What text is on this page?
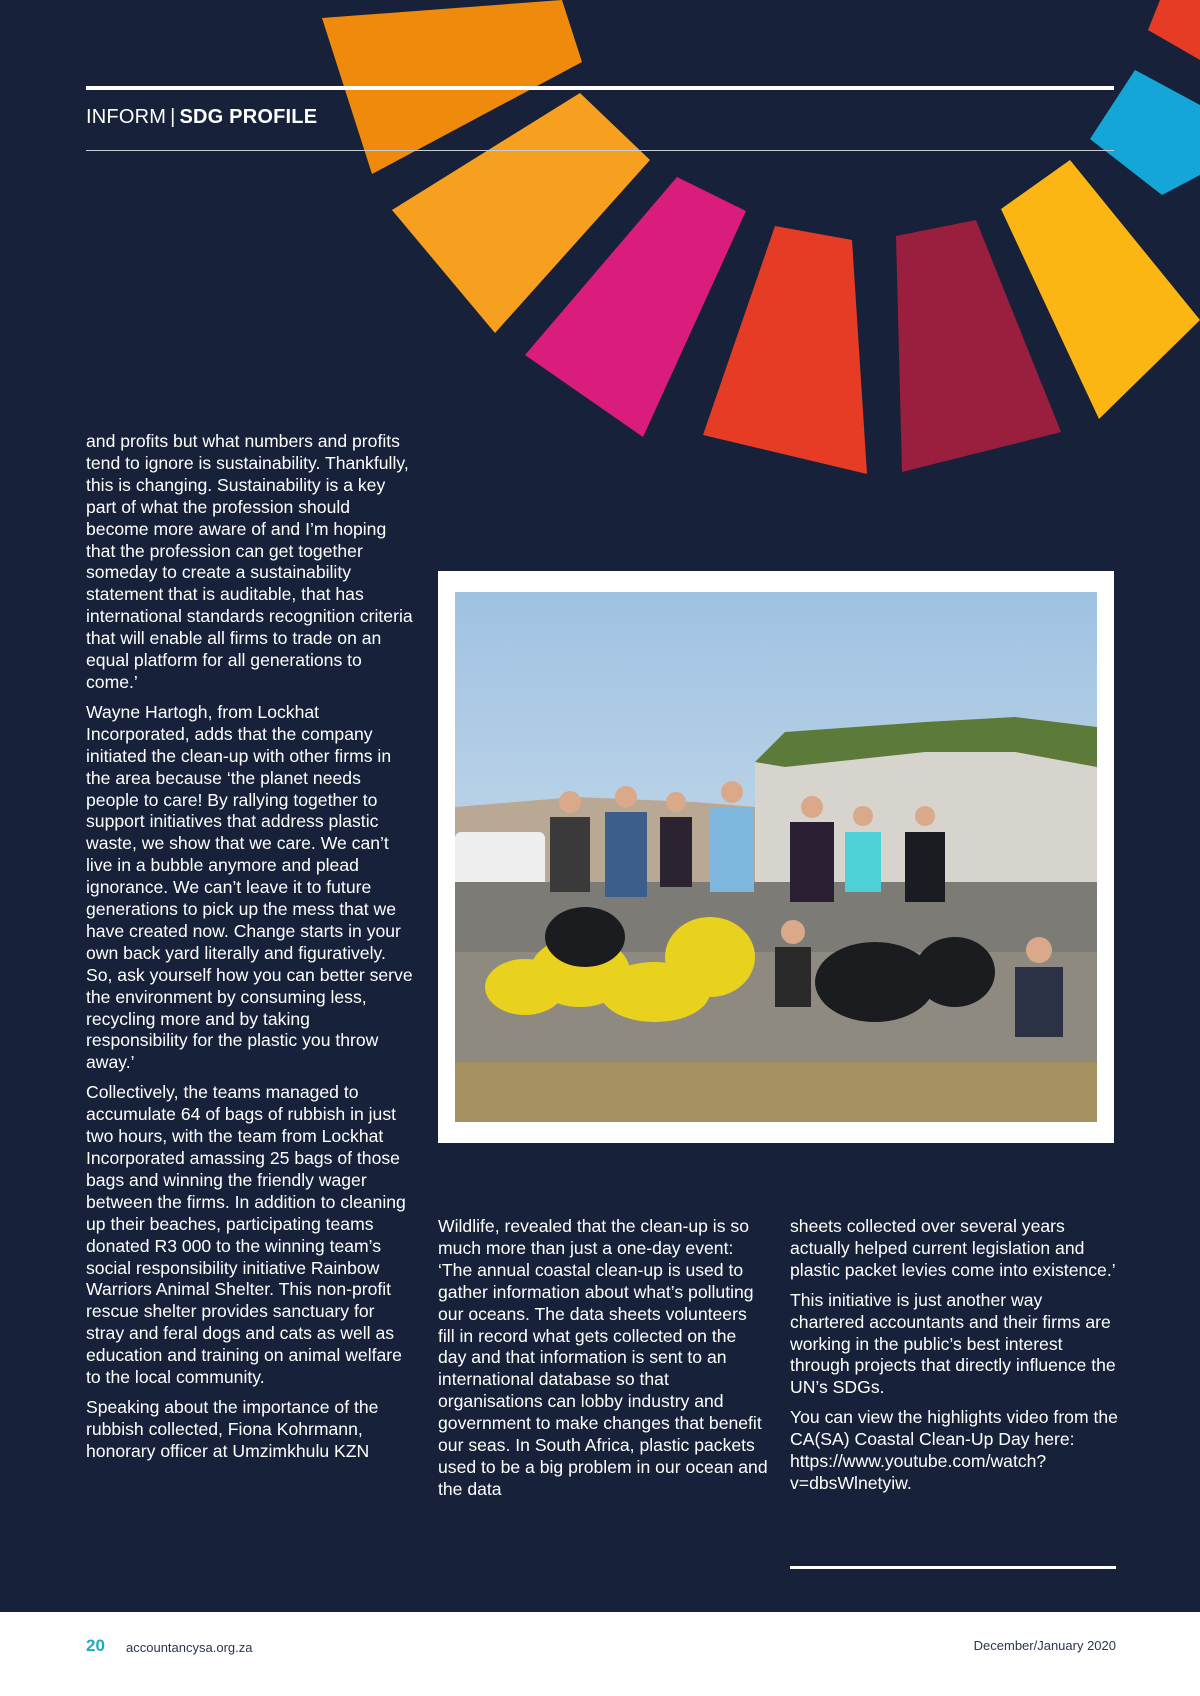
INFORM | SDG PROFILE

and profits but what numbers and profits tend to ignore is sustainability. Thankfully, this is changing. Sustainability is a key part of what the profession should become more aware of and I’m hoping that the profession can get together someday to create a sustainability statement that is auditable, that has international standards recognition criteria that will enable all firms to trade on an equal platform for all generations to come.’

Wayne Hartogh, from Lockhat Incorporated, adds that the company initiated the clean-up with other firms in the area because ‘the planet needs people to care! By rallying together to support initiatives that address plastic waste, we show that we care. We can’t live in a bubble anymore and plead ignorance. We can’t leave it to future generations to pick up the mess that we have created now. Change starts in your own back yard literally and figuratively. So, ask yourself how you can better serve the environment by consuming less, recycling more and by taking responsibility for the plastic you throw away.’

Collectively, the teams managed to accumulate 64 of bags of rubbish in just two hours, with the team from Lockhat Incorporated amassing 25 bags of those bags and winning the friendly wager between the firms. In addition to cleaning up their beaches, participating teams donated R3 000 to the winning team’s social responsibility initiative Rainbow Warriors Animal Shelter. This non-profit rescue shelter provides sanctuary for stray and feral dogs and cats as well as education and training on animal welfare to the local community.

Speaking about the importance of the rubbish collected, Fiona Kohrmann, honorary officer at Umzimkhulu KZN

Wildlife, revealed that the clean-up is so much more than just a one-day event: ‘The annual coastal clean-up is used to gather information about what’s polluting our oceans. The data sheets volunteers fill in record what gets collected on the day and that information is sent to an international database so that organisations can lobby industry and government to make changes that benefit our seas. In South Africa, plastic packets used to be a big problem in our ocean and the data

sheets collected over several years actually helped current legislation and plastic packet levies come into existence.’

This initiative is just another way chartered accountants and their firms are working in the public’s best interest through projects that directly influence the UN’s SDGs.

You can view the highlights video from the CA(SA) Coastal Clean-Up Day here: https://www.youtube.com/watch?v=dbsWlnetyiw.

20 accountancysa.org.za	December/January 2020
